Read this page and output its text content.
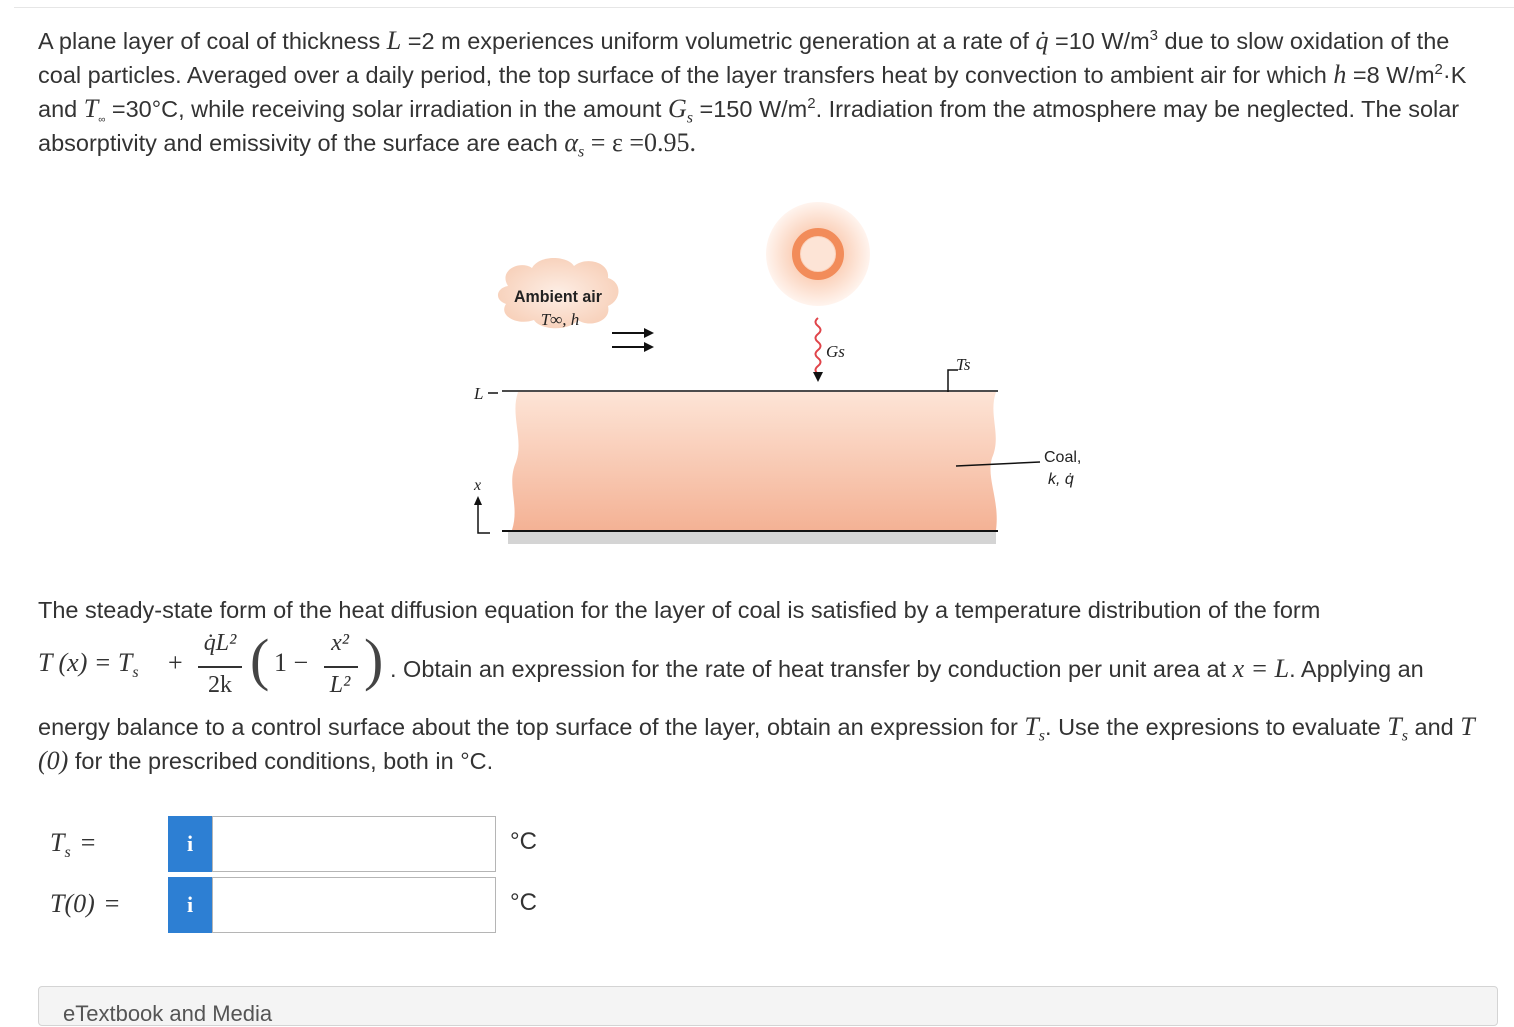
A plane layer of coal of thickness L =2 m experiences uniform volumetric generation at a rate of q̇ =10 $W/m^3$ due to slow oxidation of the coal particles. Averaged over a daily period, the top surface of the layer transfers heat by convection to ambient air for which h =8 $W/m^2\cdot K$ and $T_\infty =30^\circ C$, while receiving solar irradiation in the amount $G_s =150$ $W/m^2$. Irradiation from the atmosphere may be neglected. The solar absorptivity and emissivity of the surface are each $\alpha_s = \varepsilon =0.95$.
Ambient air
T∞, h
Gs
Ts
L
x
Coal,
k, q̇
The steady-state form of the heat diffusion equation for the layer of coal is satisfied by a temperature distribution of the form
T $(x) = T_s$ +
q̇L²
2k ( 1 −
x²
L² ) . Obtain an expression for the rate of heat transfer by conduction per unit area at x = L. Applying an
energy balance to a control surface about the top surface of the layer, obtain an expression for $T_s$. Use the expresions to evaluate $T_s$ and T (0) for the prescribed conditions, both in °C.
$T_s$ =	i	°C
T(0) =	i	°C
eTextbook and Media
